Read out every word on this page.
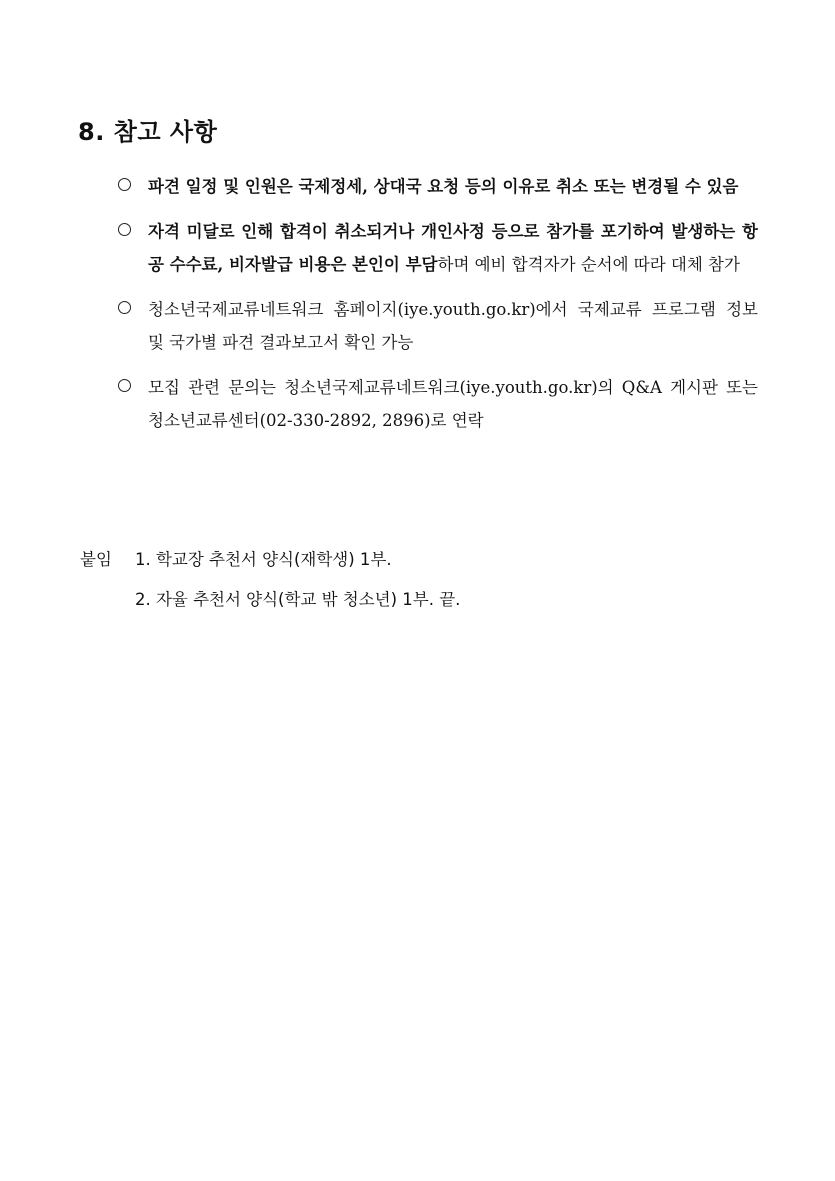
8. 참고 사항
파견 일정 및 인원은 국제정세, 상대국 요청 등의 이유로 취소 또는 변경될 수 있음
자격 미달로 인해 합격이 취소되거나 개인사정 등으로 참가를 포기하여 발생하는 항공 수수료, 비자발급 비용은 본인이 부담하며 예비 합격자가 순서에 따라 대체 참가
청소년국제교류네트워크 홈페이지(iye.youth.go.kr)에서 국제교류 프로그램 정보 및 국가별 파견 결과보고서 확인 가능
모집 관련 문의는 청소년국제교류네트워크(iye.youth.go.kr)의 Q&A 게시판 또는 청소년교류센터(02-330-2892, 2896)로 연락
붙임 1. 학교장 추천서 양식(재학생) 1부.
2. 자율 추천서 양식(학교 밖 청소년) 1부. 끝.
